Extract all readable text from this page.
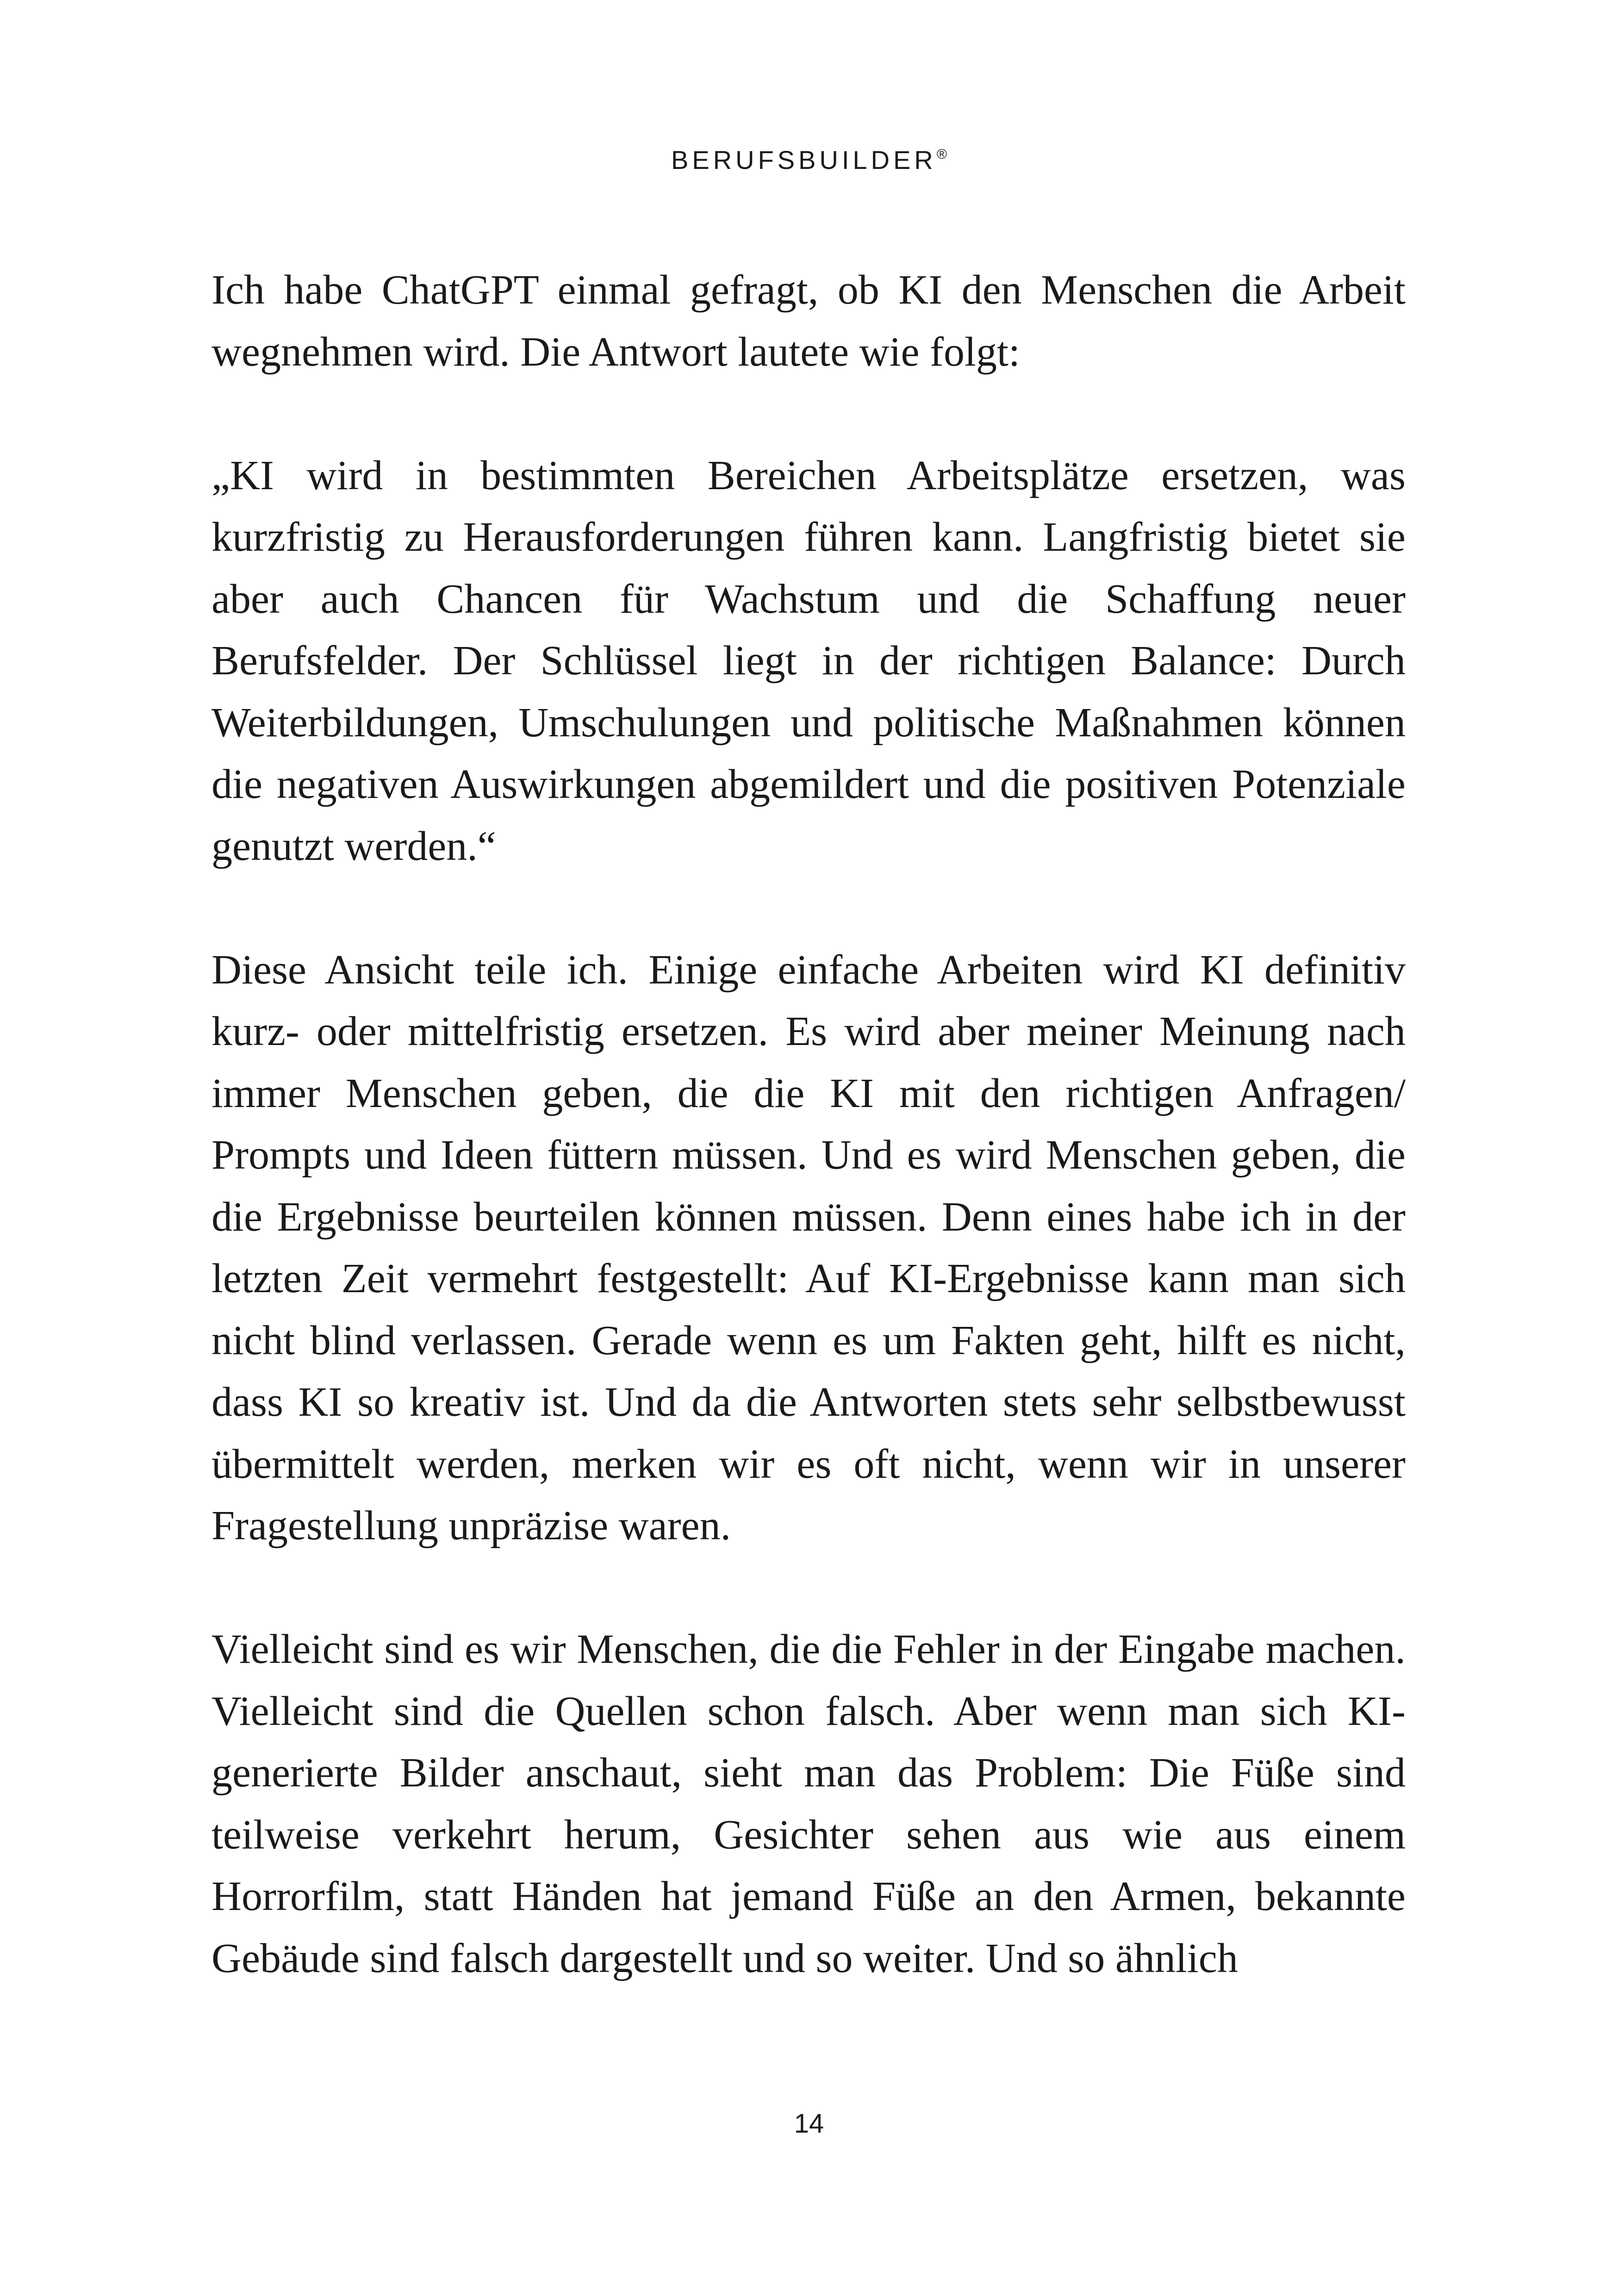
BERUFSBUILDER®

Ich habe ChatGPT einmal gefragt, ob KI den Menschen die Arbeit wegnehmen wird. Die Antwort lautete wie folgt:

„KI wird in bestimmten Bereichen Arbeitsplätze ersetzen, was kurzfristig zu Herausforderungen führen kann. Langfristig bietet sie aber auch Chancen für Wachstum und die Schaffung neuer Berufsfelder. Der Schlüssel liegt in der richtigen Balance: Durch Weiterbildungen, Umschulungen und politische Maßnahmen können die negativen Auswirkungen abgemildert und die positiven Potenziale genutzt werden.“

Diese Ansicht teile ich. Einige einfache Arbeiten wird KI definitiv kurz- oder mittelfristig ersetzen. Es wird aber meiner Meinung nach immer Menschen geben, die die KI mit den richtigen Anfragen/ Prompts und Ideen füttern müssen. Und es wird Menschen geben, die die Ergebnisse beurteilen können müssen. Denn eines habe ich in der letzten Zeit vermehrt festgestellt: Auf KI-Ergebnisse kann man sich nicht blind verlassen. Gerade wenn es um Fakten geht, hilft es nicht, dass KI so kreativ ist. Und da die Antworten stets sehr selbstbewusst übermittelt werden, merken wir es oft nicht, wenn wir in unserer Fragestellung unpräzise waren.

Vielleicht sind es wir Menschen, die die Fehler in der Eingabe machen. Vielleicht sind die Quellen schon falsch. Aber wenn man sich KI-generierte Bilder anschaut, sieht man das Problem: Die Füße sind teilweise verkehrt herum, Gesichter sehen aus wie aus einem Horrorfilm, statt Händen hat jemand Füße an den Armen, bekannte Gebäude sind falsch dargestellt und so weiter. Und so ähnlich

14
